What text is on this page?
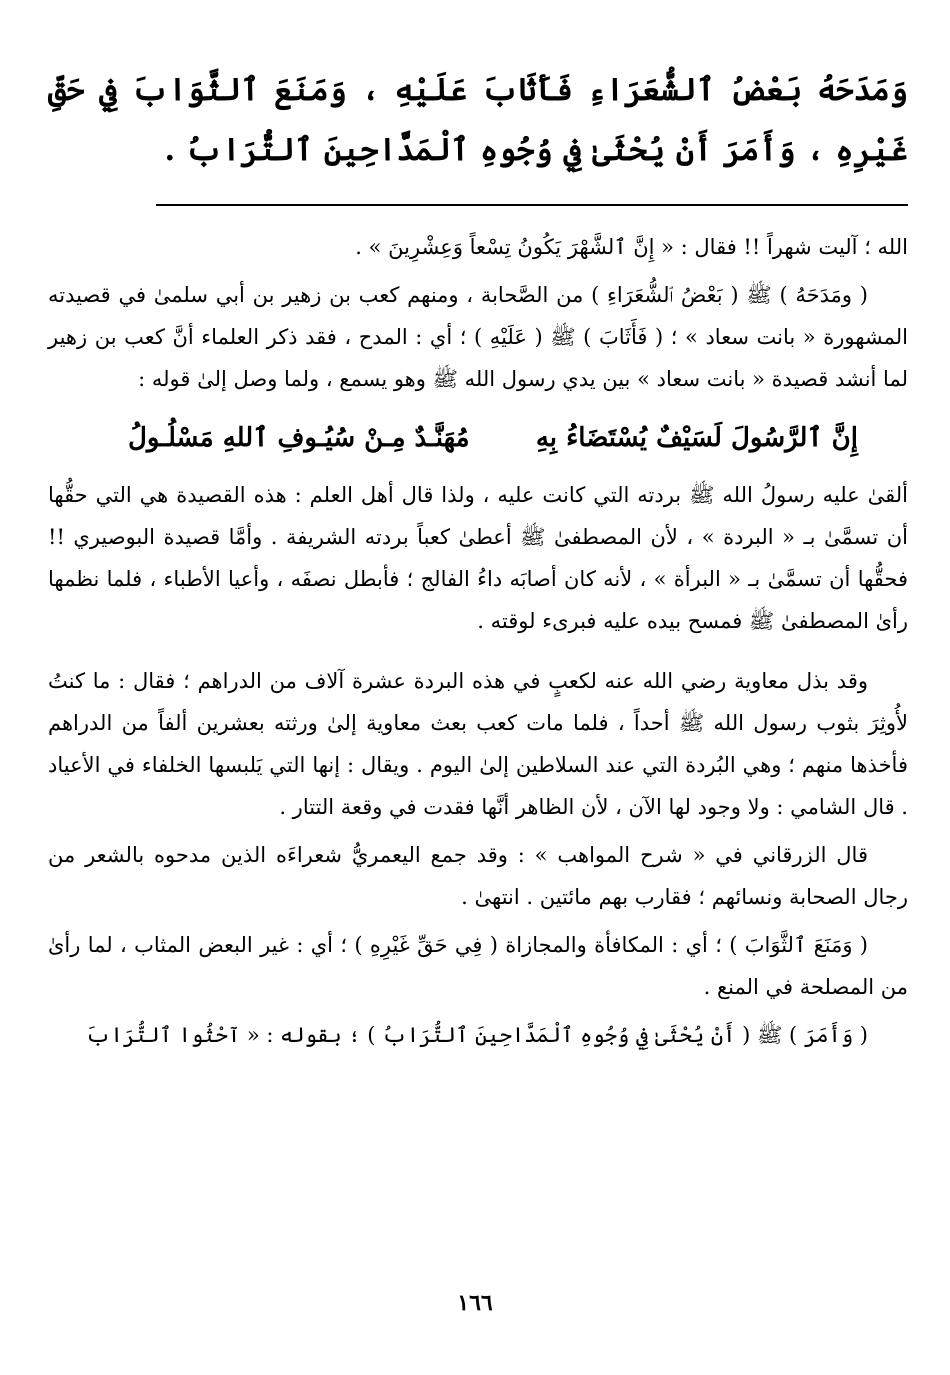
وَمَدَحَهُ بَعْضُ ٱلشُّعَرَاءِ فَأَثَابَ عَلَيْهِ ، وَمَنَعَ ٱلثَّوَابَ فِي حَقِّ غَيْرِهِ ، وَأَمَرَ أَنْ يُحْثَىٰ فِي وُجُوهِ ٱلْمَدَّاحِينَ ٱلتُّرَابُ .

الله ؛ آليت شهراً !! فقال : « إِنَّ ٱلشَّهْرَ يَكُونُ تِسْعاً وَعِشْرِينَ » .

( ومَدَحَهُ ) ﷺ ( بَعْضُ ٱلشُّعَرَاءِ ) من الصَّحابة ، ومنهم كعب بن زهير بن أبي سلمىٰ في قصيدته المشهورة « بانت سعاد » ؛ ( فَأَثَابَ ) ﷺ ( عَلَيْهِ ) ؛ أي : المدح ، فقد ذكر العلماء أنَّ كعب بن زهير لما أنشد قصيدة « بانت سعاد » بين يدي رسول الله ﷺ وهو يسمع ، ولما وصل إلىٰ قوله :

إِنَّ ٱلرَّسُولَ لَسَيْفٌ يُسْتَضَاءُ بِهِ
مُهَنَّـدٌ مِـنْ سُيُـوفِ ٱللهِ مَسْلُـولُ

ألقىٰ عليه رسولُ الله ﷺ بردته التي كانت عليه ، ولذا قال أهل العلم : هذه القصيدة هي التي حقُّها أن تسمَّىٰ بـ « البردة » ، لأن المصطفىٰ ﷺ أعطىٰ كعباً بردته الشريفة . وأمَّا قصيدة البوصيري !! فحقُّها أن تسمَّىٰ بـ « البرأة » ، لأنه كان أصابَه داءُ الفالج ؛ فأبطل نصفَه ، وأعيا الأطباء ، فلما نظمها رأىٰ المصطفىٰ ﷺ فمسح بيده عليه فبرىء لوقته .

وقد بذل معاوية رضي الله عنه لكعبٍ في هذه البردة عشرة آلاف من الدراهم ؛ فقال : ما كنتُ لأُوثِرَ بثوب رسول الله ﷺ أحداً ، فلما مات كعب بعث معاوية إلىٰ ورثته بعشرين ألفاً من الدراهم فأخذها منهم ؛ وهي البُردة التي عند السلاطين إلىٰ اليوم . ويقال : إنها التي يَلبسها الخلفاء في الأعياد . قال الشامي : ولا وجود لها الآن ، لأن الظاهر أنَّها فقدت في وقعة التتار .

قال الزرقاني في « شرح المواهب » : وقد جمع اليعمريُّ شعراءَه الذين مدحوه بالشعر من رجال الصحابة ونسائهم ؛ فقارب بهم مائتين . انتهىٰ .

( وَمَنَعَ ٱلثَّوَابَ ) ؛ أي : المكافأة والمجازاة ( فِي حَقِّ غَيْرِهِ ) ؛ أي : غير البعض المثاب ، لما رأىٰ من المصلحة في المنع .

( وَأَمَرَ ) ﷺ ( أَنْ يُحْثَىٰ فِي وُجُوهِ ٱلْمَدَّاحِينَ ٱلتُّرَابُ ) ؛ بقوله : « آحْثُوا ٱلتُّرَابَ

١٦٦
